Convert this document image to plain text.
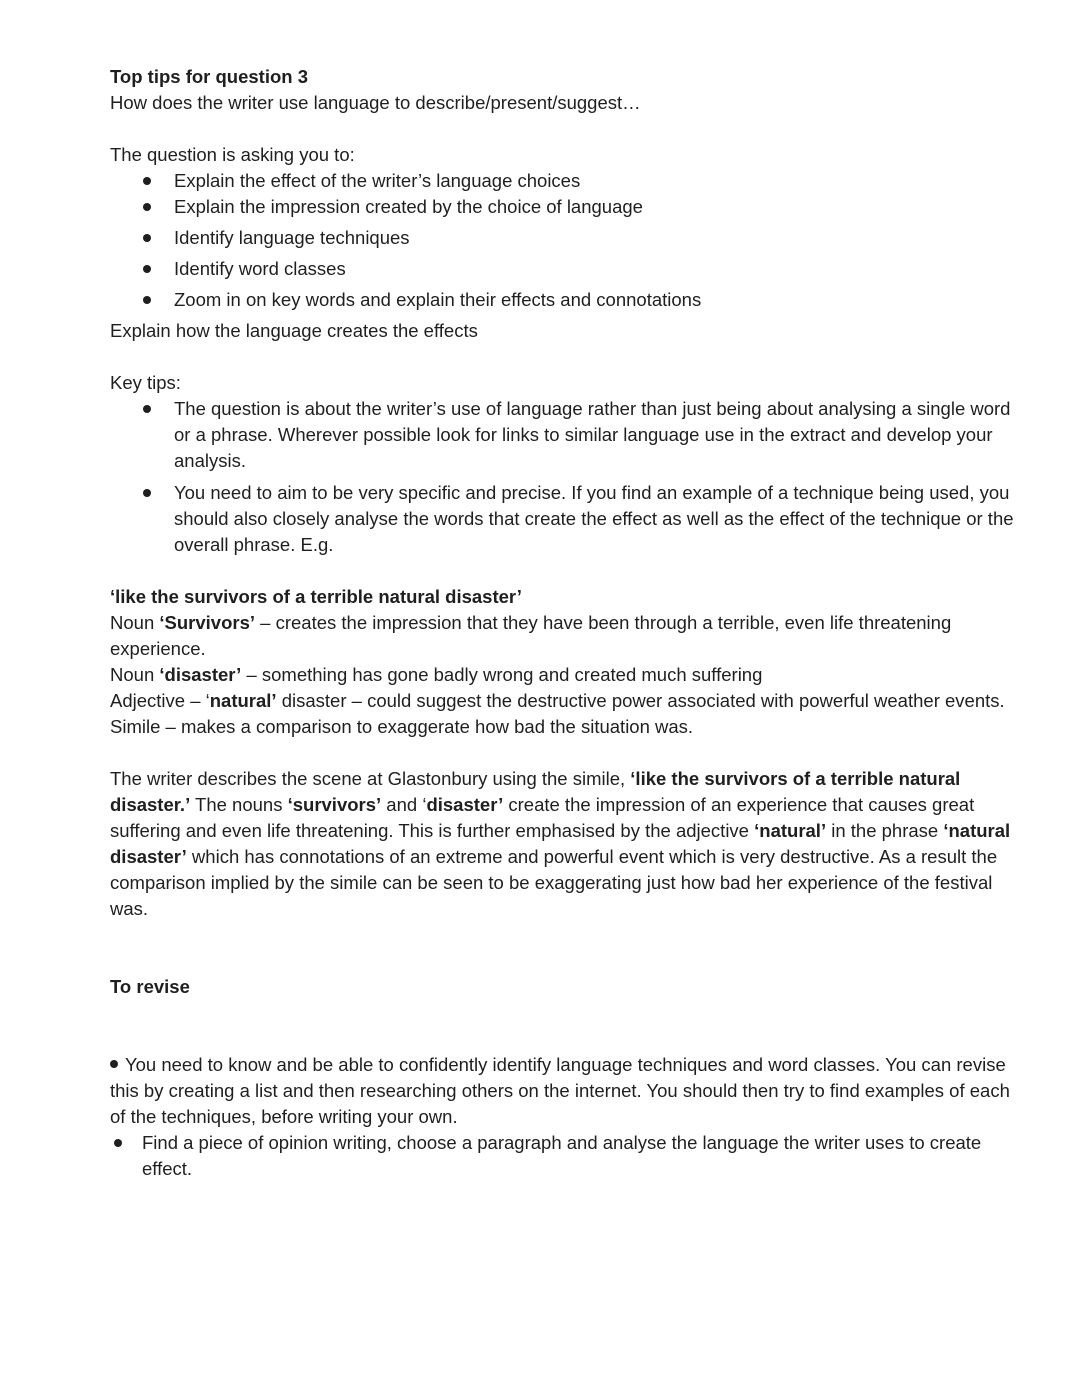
Top tips for question 3

How does the writer use language to describe/present/suggest…

The question is asking you to:

Explain the effect of the writer’s language choices
Explain the impression created by the choice of language
Identify language techniques
Identify word classes
Zoom in on key words and explain their effects and connotations

Explain how the language creates the effects

Key tips:

The question is about the writer’s use of language rather than just being about analysing a single word or a phrase. Wherever possible look for links to similar language use in the extract and develop your analysis.
You need to aim to be very specific and precise. If you find an example of a technique being used, you should also closely analyse the words that create the effect as well as the effect of the technique or the overall phrase. E.g.

‘like the survivors of a terrible natural disaster’

Noun ‘Survivors’ – creates the impression that they have been through a terrible, even life threatening experience.

Noun ‘disaster’ – something has gone badly wrong and created much suffering

Adjective – ‘natural’ disaster – could suggest the destructive power associated with powerful weather events.

Simile – makes a comparison to exaggerate how bad the situation was.

The writer describes the scene at Glastonbury using the simile, ‘like the survivors of a terrible natural disaster.’ The nouns ‘survivors’ and ‘disaster’ create the impression of an experience that causes great suffering and even life threatening. This is further emphasised by the adjective ‘natural’ in the phrase ‘natural disaster’ which has connotations of an extreme and powerful event which is very destructive. As a result the comparison implied by the simile can be seen to be exaggerating just how bad her experience of the festival was.

To revise

You need to know and be able to confidently identify language techniques and word classes. You can revise this by creating a list and then researching others on the internet. You should then try to find examples of each of the techniques, before writing your own.

Find a piece of opinion writing, choose a paragraph and analyse the language the writer uses to create effect.
